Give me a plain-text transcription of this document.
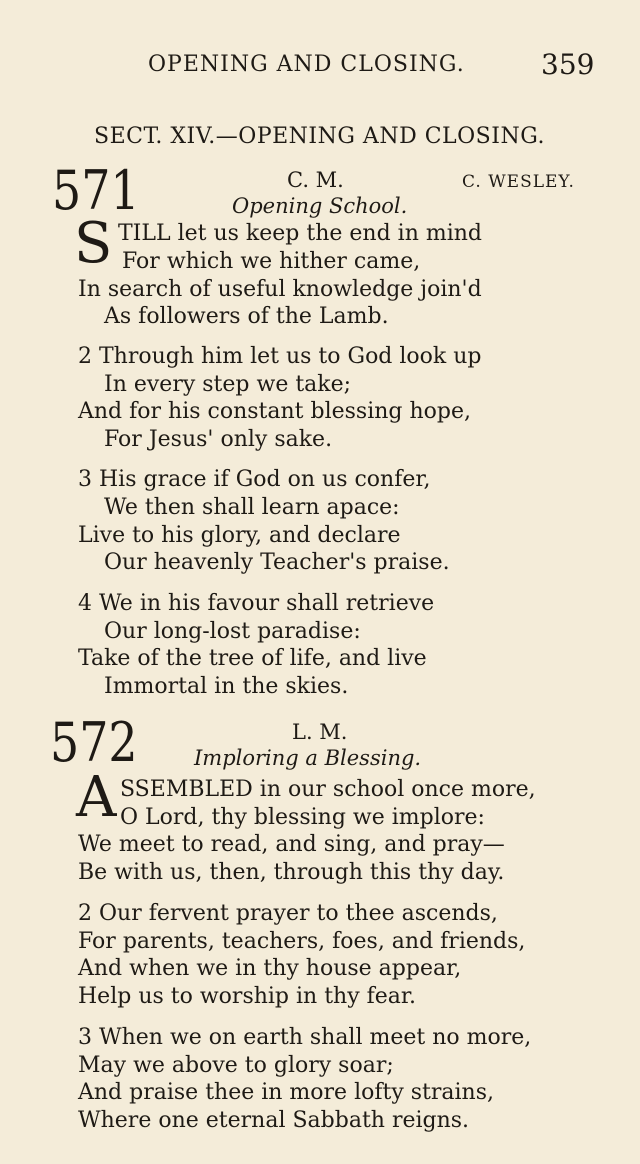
OPENING AND CLOSING.	359
SECT. XIV.—OPENING AND CLOSING.
571	C. M.	C. WESLEY.
Opening School.
S TILL let us keep the end in mind
For which we hither came,
In search of useful knowledge join'd
As followers of the Lamb.
2 Through him let us to God look up
In every step we take;
And for his constant blessing hope,
For Jesus' only sake.
3 His grace if God on us confer,
We then shall learn apace:
Live to his glory, and declare
Our heavenly Teacher's praise.
4 We in his favour shall retrieve
Our long-lost paradise:
Take of the tree of life, and live
Immortal in the skies.
572	L. M.
Imploring a Blessing.
A SSEMBLED in our school once more,
O Lord, thy blessing we implore:
We meet to read, and sing, and pray—
Be with us, then, through this thy day.
2 Our fervent prayer to thee ascends,
For parents, teachers, foes, and friends,
And when we in thy house appear,
Help us to worship in thy fear.
3 When we on earth shall meet no more,
May we above to glory soar;
And praise thee in more lofty strains,
Where one eternal Sabbath reigns.
